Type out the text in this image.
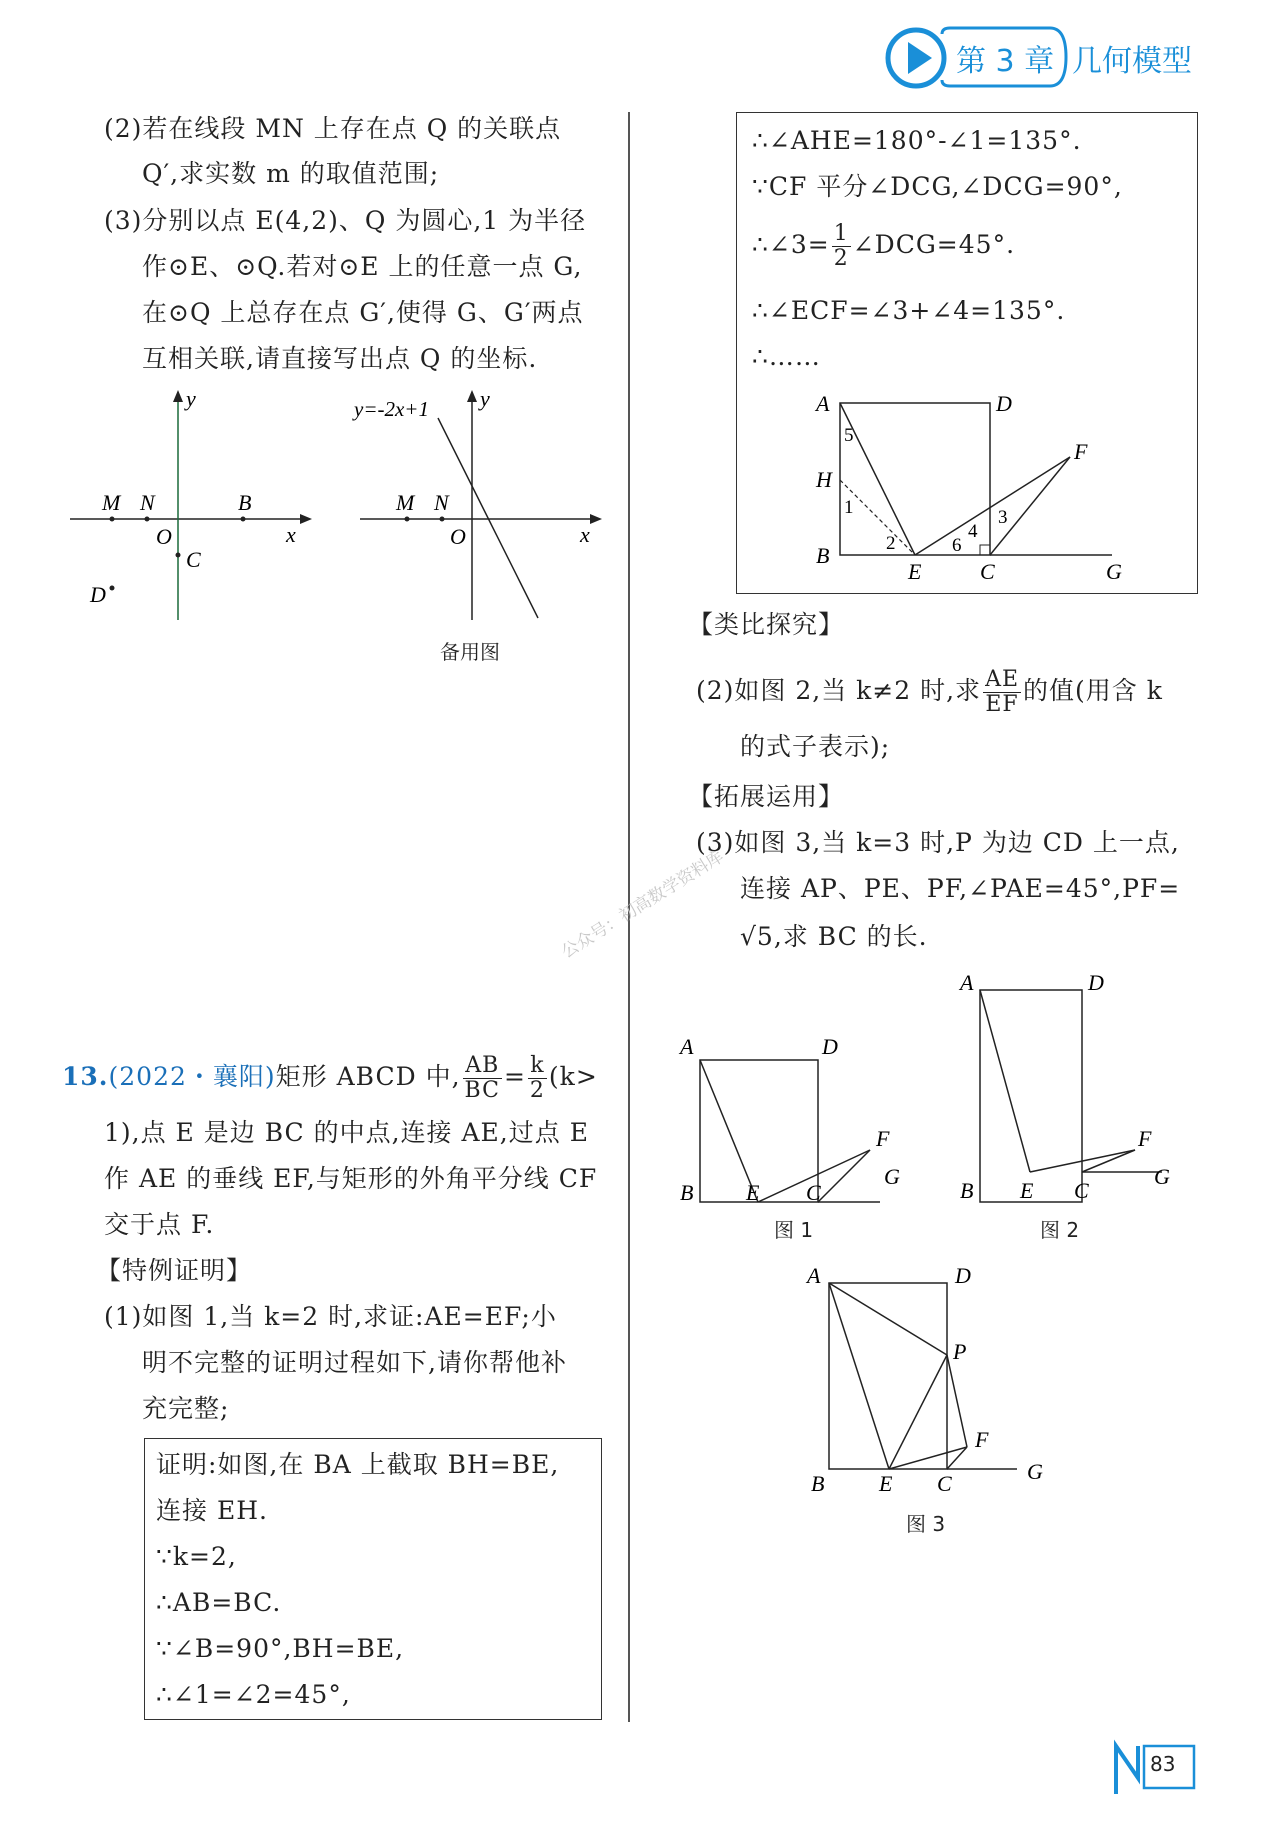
第 3 章 几何模型
(2)若在线段 MN 上存在点 Q 的关联点
Q′,求实数 m 的取值范围;
(3)分别以点 E(4,2)、Q 为圆心,1 为半径
作⊙E、⊙Q.若对⊙E 上的任意一点 G,
在⊙Q 上总存在点 G′,使得 G、G′两点
互相关联,请直接写出点 Q 的坐标.
y
x
M N	B
O
C
D
y
x
y=-2x+1
M N
O
备用图
公众号：初高数学资料库
13.(2022・襄阳)矩形 ABCD 中, $\frac{AB}{BC} = \frac{k}{2} (k>$
1),点 E 是边 BC 的中点,连接 AE,过点 E
作 AE 的垂线 EF,与矩形的外角平分线 CF
交于点 F.
【特例证明】
(1)如图 1,当 k=2 时,求证:AE=EF;小
明不完整的证明过程如下,请你帮他补
充完整;
证明:如图,在 BA 上截取 BH=BE,
连接 EH.
∵k=2,
∴AB=BC.
∵∠B=90°,BH=BE,
∴∠1=∠2=45°,
∴∠AHE=180°-∠1=135°.
∵CF 平分∠DCG,∠DCG=90°,
∴∠3= $\frac{1}{2}$ ∠DCG=45°.
∴∠ECF=∠3+∠4=135°.
∴……
A	D
H
B
E	C	G
F
1
2
3
4
5
6
【类比探究】
(2)如图 2,当 k≠2 时,求 $\frac{AE}{EF}$ 的值(用含 k
的式子表示);
【拓展运用】
(3)如图 3,当 k=3 时,P 为边 CD 上一点,
连接 AP、PE、PF,∠PAE=45°,PF=
√5,求 BC 的长.
A	D
B E C
G
F
图 1
A	D
B E C
G
F
图 2
A	D
P
F
B E C	G
图 3
83
